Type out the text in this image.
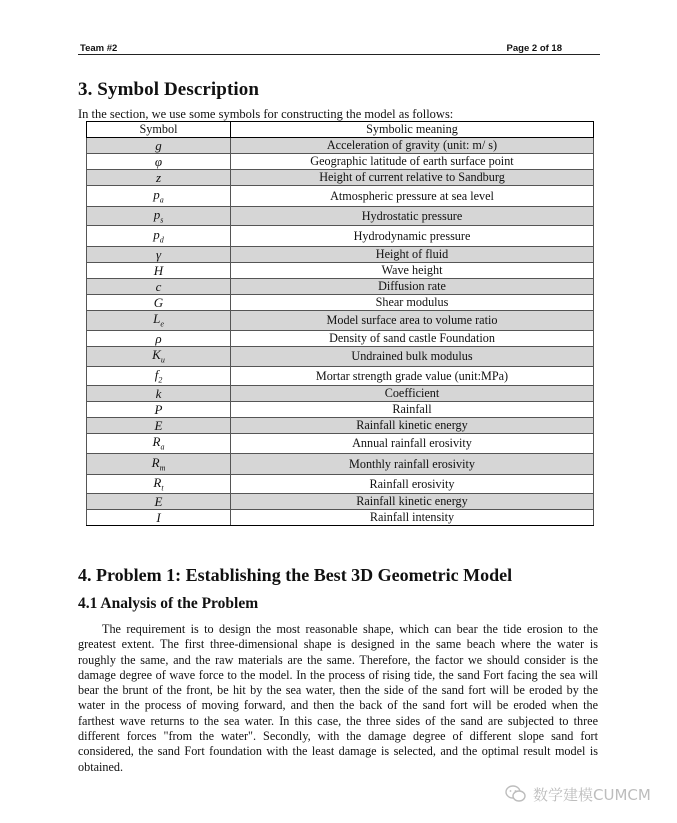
Team #2	Page 2 of 18
3. Symbol Description
In the section, we use some symbols for constructing the model as follows:
Symbol	Symbolic meaning
g	Acceleration of gravity (unit: m/ s)
φ	Geographic latitude of earth surface point
z	Height of current relative to Sandburg
$p_a$	Atmospheric pressure at sea level
$p_s$	Hydrostatic pressure
$p_d$	Hydrodynamic pressure
γ	Height of fluid
H	Wave height
c	Diffusion rate
G	Shear modulus
$L_e$	Model surface area to volume ratio
ρ	Density of sand castle Foundation
$K_u$	Undrained bulk modulus
$f_2$	Mortar strength grade value (unit:MPa)
k	Coefficient
P	Rainfall
E	Rainfall kinetic energy
$R_a$	Annual rainfall erosivity
$R_m$	Monthly rainfall erosivity
$R_t$	Rainfall erosivity
E	Rainfall kinetic energy
I	Rainfall intensity
4. Problem 1: Establishing the Best 3D Geometric Model
4.1 Analysis of the Problem

The requirement is to design the most reasonable shape, which can bear the tide erosion to the greatest extent. The first three-dimensional shape is designed in the same beach where the water is roughly the same, and the raw materials are the same. Therefore, the factor we should consider is the damage degree of wave force to the model. In the process of rising tide, the sand Fort facing the sea will bear the brunt of the front, be hit by the sea water, then the side of the sand fort will be eroded by the water in the process of moving forward, and then the back of the sand fort will be eroded when the farthest wave returns to the sea water. In this case, the three sides of the sand are subjected to three different forces "from the water". Secondly, with the damage degree of different slope sand fort considered, the sand Fort foundation with the least damage is selected, and the optimal result model is obtained.

数学建模CUMCM
